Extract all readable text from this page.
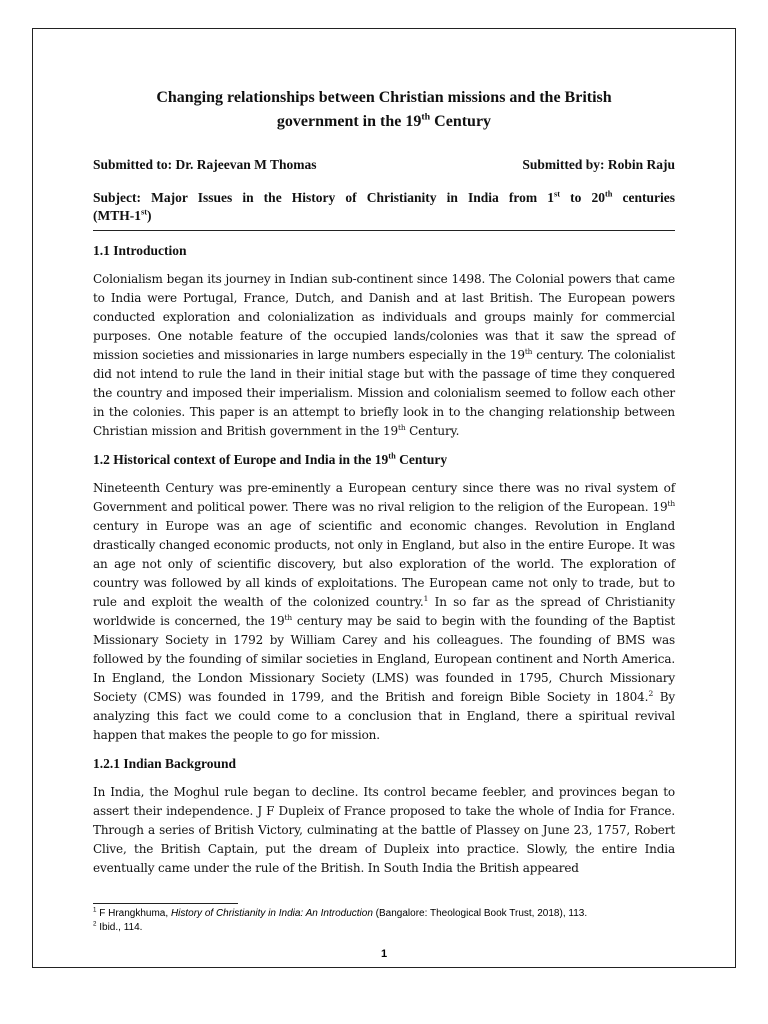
Changing relationships between Christian missions and the British
government in the 19th Century
Submitted to: Dr. Rajeevan M Thomas	Submitted by: Robin Raju
Subject: Major Issues in the History of Christianity in India from 1st to 20th centuries
(MTH-1st)
1.1 Introduction

Colonialism began its journey in Indian sub-continent since 1498. The Colonial powers that came to India were Portugal, France, Dutch, and Danish and at last British. The European powers conducted exploration and colonialization as individuals and groups mainly for commercial purposes. One notable feature of the occupied lands/colonies was that it saw the spread of mission societies and missionaries in large numbers especially in the 19th century. The colonialist did not intend to rule the land in their initial stage but with the passage of time they conquered the country and imposed their imperialism. Mission and colonialism seemed to follow each other in the colonies. This paper is an attempt to briefly look in to the changing relationship between Christian mission and British government in the 19th Century.

1.2 Historical context of Europe and India in the 19th Century

Nineteenth Century was pre-eminently a European century since there was no rival system of Government and political power. There was no rival religion to the religion of the European. 19th century in Europe was an age of scientific and economic changes. Revolution in England drastically changed economic products, not only in England, but also in the entire Europe. It was an age not only of scientific discovery, but also exploration of the world. The exploration of country was followed by all kinds of exploitations. The European came not only to trade, but to rule and exploit the wealth of the colonized country.$^1$ In so far as the spread of Christianity worldwide is concerned, the 19th century may be said to begin with the founding of the Baptist Missionary Society in 1792 by William Carey and his colleagues. The founding of BMS was followed by the founding of similar societies in England, European continent and North America. In England, the London Missionary Society (LMS) was founded in 1795, Church Missionary Society (CMS) was founded in 1799, and the British and foreign Bible Society in 1804.$^2$ By analyzing this fact we could come to a conclusion that in England, there a spiritual revival happen that makes the people to go for mission.

1.2.1 Indian Background

In India, the Moghul rule began to decline. Its control became feebler, and provinces began to assert their independence. J F Dupleix of France proposed to take the whole of India for France. Through a series of British Victory, culminating at the battle of Plassey on June 23, 1757, Robert Clive, the British Captain, put the dream of Dupleix into practice. Slowly, the entire India eventually came under the rule of the British. In South India the British appeared

$^1$ F Hrangkhuma, History of Christianity in India: An Introduction (Bangalore: Theological Book Trust, 2018), 113.
$^2$ Ibid., 114.
1
